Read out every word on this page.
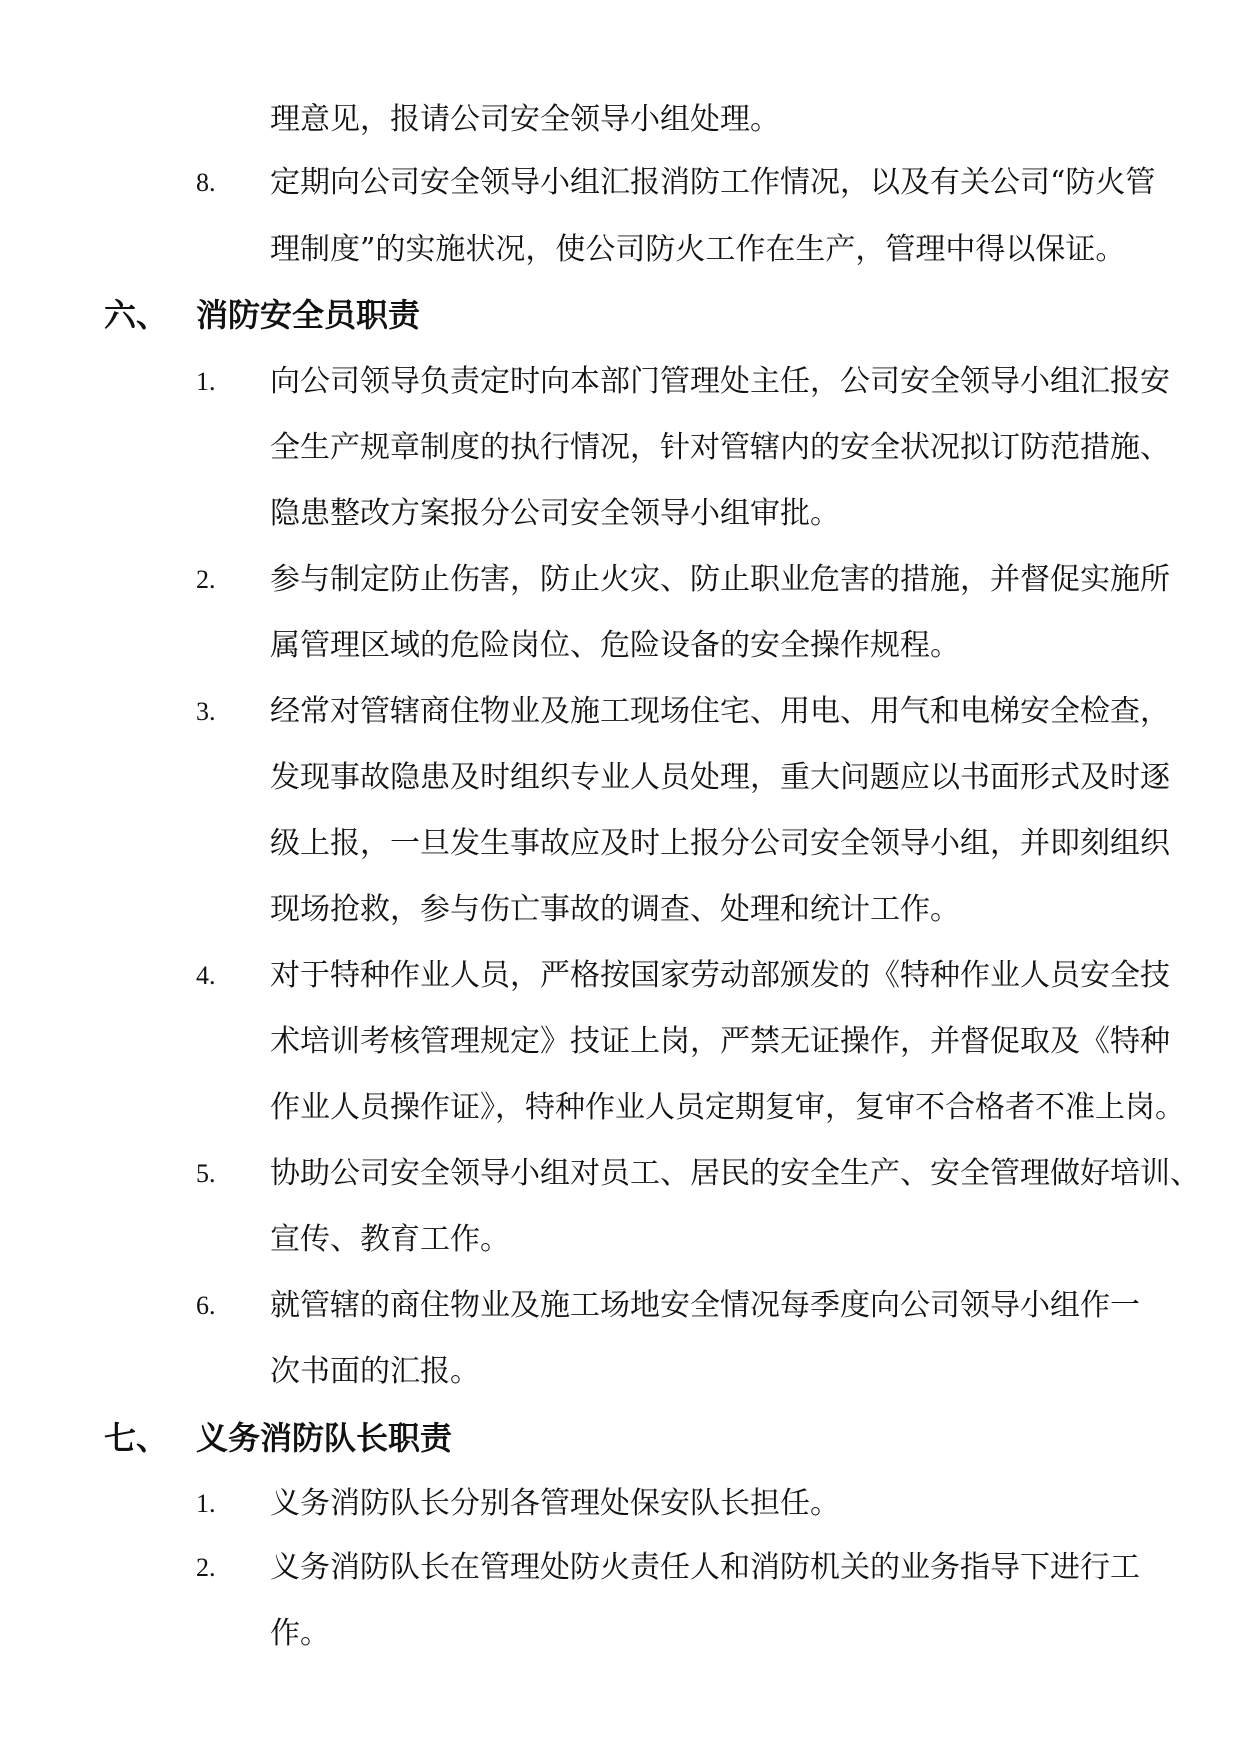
理意见，报请公司安全领导小组处理。
8. 定期向公司安全领导小组汇报消防工作情况，以及有关公司“防火管
理制度”的实施状况，使公司防火工作在生产，管理中得以保证。
六、 消防安全员职责
1. 向公司领导负责定时向本部门管理处主任，公司安全领导小组汇报安
全生产规章制度的执行情况，针对管辖内的安全状况拟订防范措施、
隐患整改方案报分公司安全领导小组审批。
2. 参与制定防止伤害，防止火灾、防止职业危害的措施，并督促实施所
属管理区域的危险岗位、危险设备的安全操作规程。
3. 经常对管辖商住物业及施工现场住宅、用电、用气和电梯安全检查，
发现事故隐患及时组织专业人员处理，重大问题应以书面形式及时逐
级上报，一旦发生事故应及时上报分公司安全领导小组，并即刻组织
现场抢救，参与伤亡事故的调查、处理和统计工作。
4. 对于特种作业人员，严格按国家劳动部颁发的《特种作业人员安全技
术培训考核管理规定》技证上岗，严禁无证操作，并督促取及《特种
作业人员操作证》，特种作业人员定期复审，复审不合格者不准上岗。
5. 协助公司安全领导小组对员工、居民的安全生产、安全管理做好培训、
宣传、教育工作。
6. 就管辖的商住物业及施工场地安全情况每季度向公司领导小组作一
次书面的汇报。
七、 义务消防队长职责
1. 义务消防队长分别各管理处保安队长担任。
2. 义务消防队长在管理处防火责任人和消防机关的业务指导下进行工
作。
